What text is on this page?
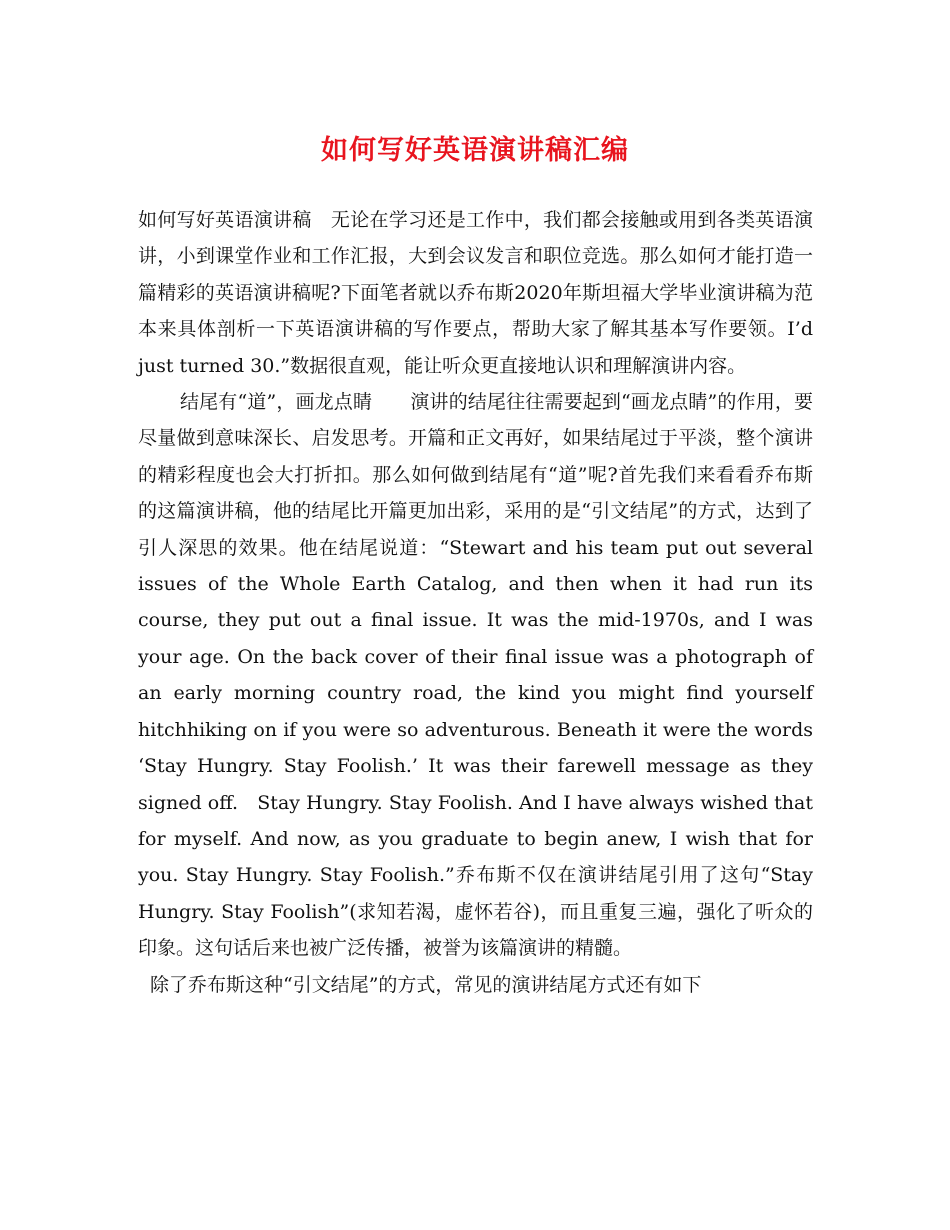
如何写好英语演讲稿汇编

如何写好英语演讲稿　无论在学习还是工作中，我们都会接触或用到各类英语演讲，小到课堂作业和工作汇报，大到会议发言和职位竞选。那么如何才能打造一篇精彩的英语演讲稿呢?下面笔者就以乔布斯2020年斯坦福大学毕业演讲稿为范本来具体剖析一下英语演讲稿的写作要点，帮助大家了解其基本写作要领。I’d just turned 30.”数据很直观，能让听众更直接地认识和理解演讲内容。

结尾有“道”，画龙点睛　　演讲的结尾往往需要起到“画龙点睛”的作用，要尽量做到意味深长、启发思考。开篇和正文再好，如果结尾过于平淡，整个演讲的精彩程度也会大打折扣。那么如何做到结尾有“道”呢?首先我们来看看乔布斯的这篇演讲稿，他的结尾比开篇更加出彩，采用的是“引文结尾”的方式，达到了引人深思的效果。他在结尾说道：“Stewart and his team put out several issues of the Whole Earth Catalog, and then when it had run its course, they put out a final issue. It was the mid-1970s, and I was your age. On the back cover of their final issue was a photograph of an early morning country road, the kind you might find yourself hitchhiking on if you were so adventurous. Beneath it were the words ‘Stay Hungry. Stay Foolish.’ It was their farewell message as they signed off.　Stay Hungry. Stay Foolish. And I have always wished that for myself. And now, as you graduate to begin anew, I wish that for you. Stay Hungry. Stay Foolish.”乔布斯不仅在演讲结尾引用了这句“Stay Hungry. Stay Foolish”(求知若渴，虚怀若谷)，而且重复三遍，强化了听众的印象。这句话后来也被广泛传播，被誉为该篇演讲的精髓。

除了乔布斯这种“引文结尾”的方式，常见的演讲结尾方式还有如下
